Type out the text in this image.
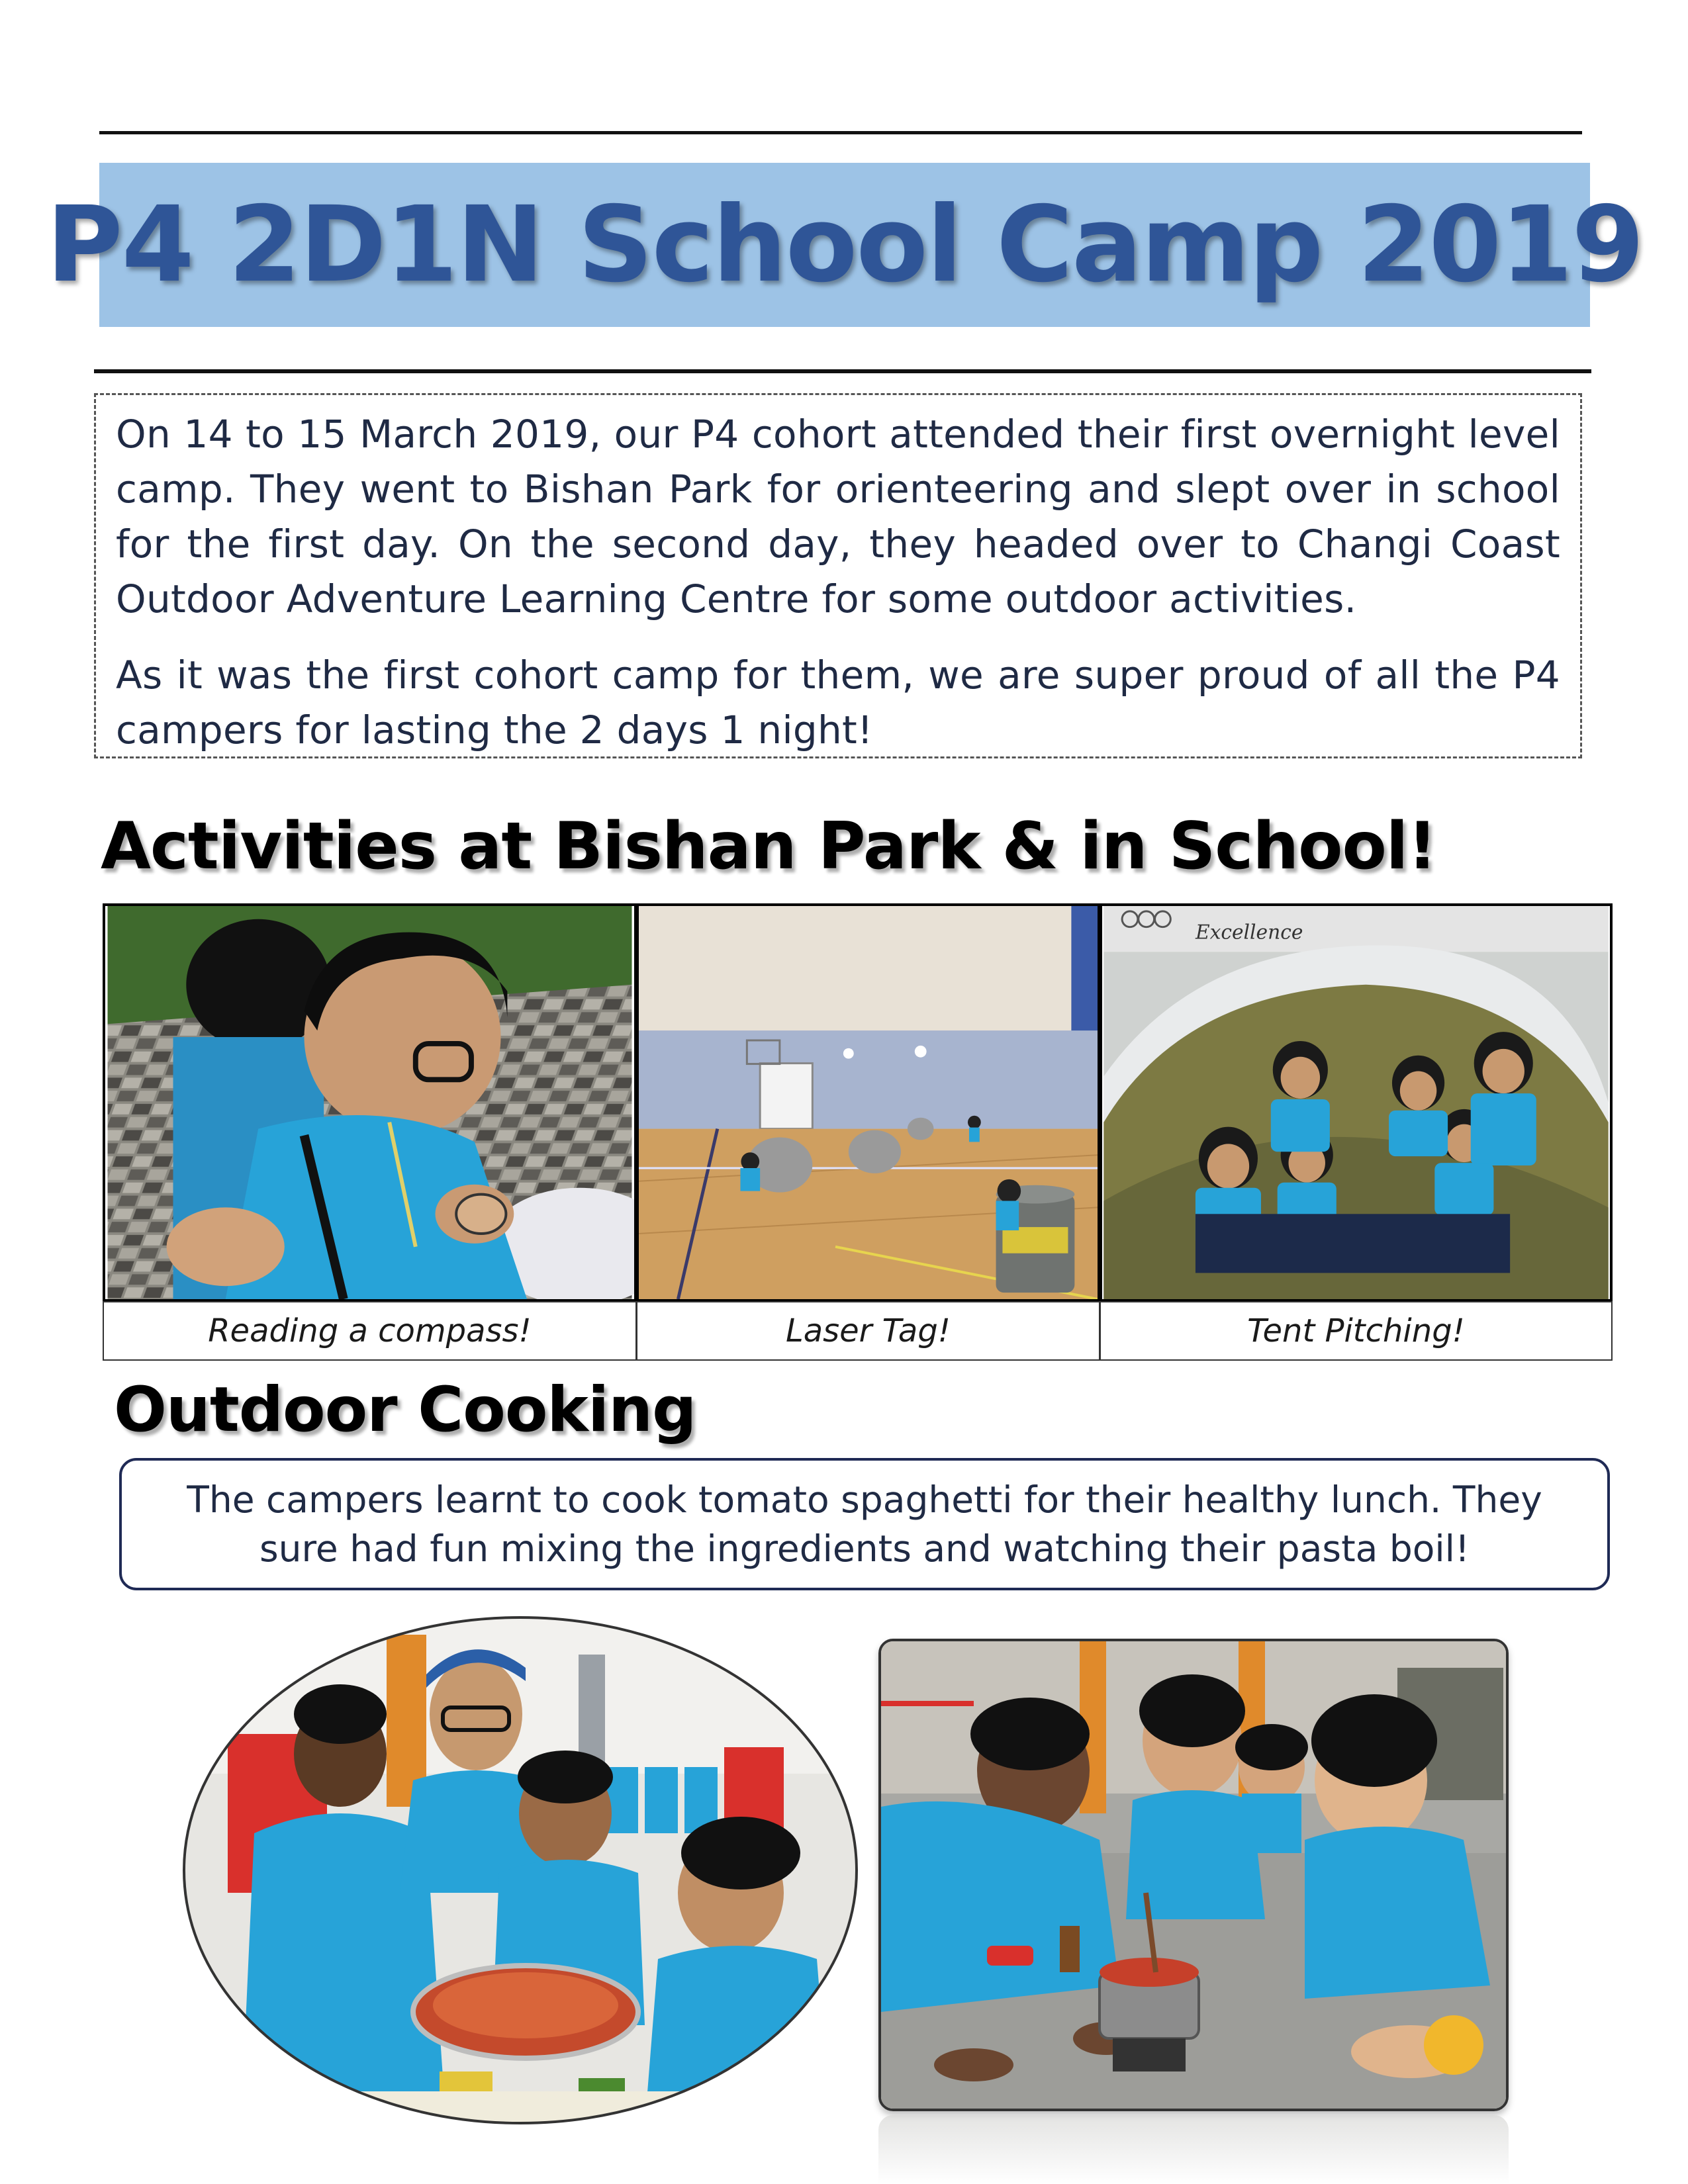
P4 2D1N School Camp 2019

On 14 to 15 March 2019, our P4 cohort attended their first overnight level camp. They went to Bishan Park for orienteering and slept over in school for the first day. On the second day, they headed over to Changi Coast Outdoor Adventure Learning Centre for some outdoor activities.

As it was the first cohort camp for them, we are super proud of all the P4 campers for lasting the 2 days 1 night!

Activities at Bishan Park & in School!
Excellence
Reading a compass!	Laser Tag!	Tent Pitching!
Outdoor Cooking

The campers learnt to cook tomato spaghetti for their healthy lunch. They sure had fun mixing the ingredients and watching their pasta boil!
